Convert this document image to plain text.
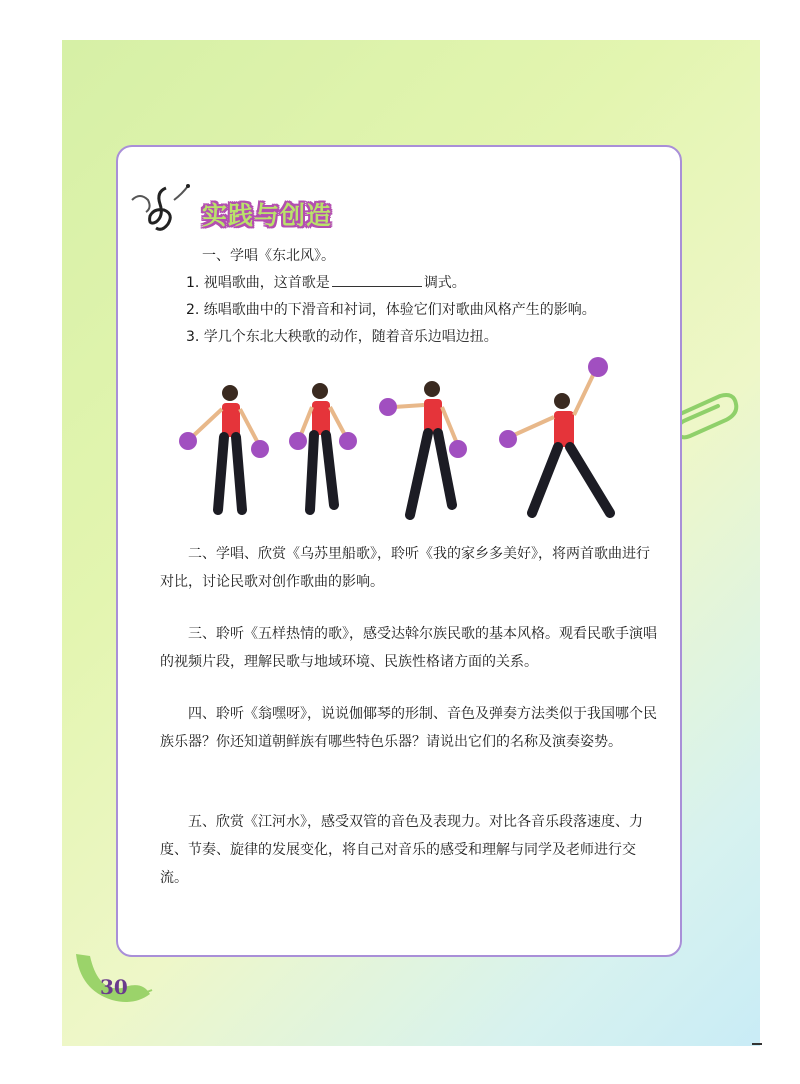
实践与创造
一、学唱《东北风》。
1. 视唱歌曲，这首歌是	调式。
2. 练唱歌曲中的下滑音和衬词，体验它们对歌曲风格产生的影响。
3. 学几个东北大秧歌的动作，随着音乐边唱边扭。
二、学唱、欣赏《乌苏里船歌》，聆听《我的家乡多美好》，将两首歌曲进行对比，讨论民歌对创作歌曲的影响。
三、聆听《五样热情的歌》，感受达斡尔族民歌的基本风格。观看民歌手演唱的视频片段，理解民歌与地域环境、民族性格诸方面的关系。
四、聆听《翁嘿呀》，说说伽倻琴的形制、音色及弹奏方法类似于我国哪个民族乐器？你还知道朝鲜族有哪些特色乐器？请说出它们的名称及演奏姿势。
五、欣赏《江河水》，感受双管的音色及表现力。对比各音乐段落速度、力度、节奏、旋律的发展变化，将自己对音乐的感受和理解与同学及老师进行交流。
30
